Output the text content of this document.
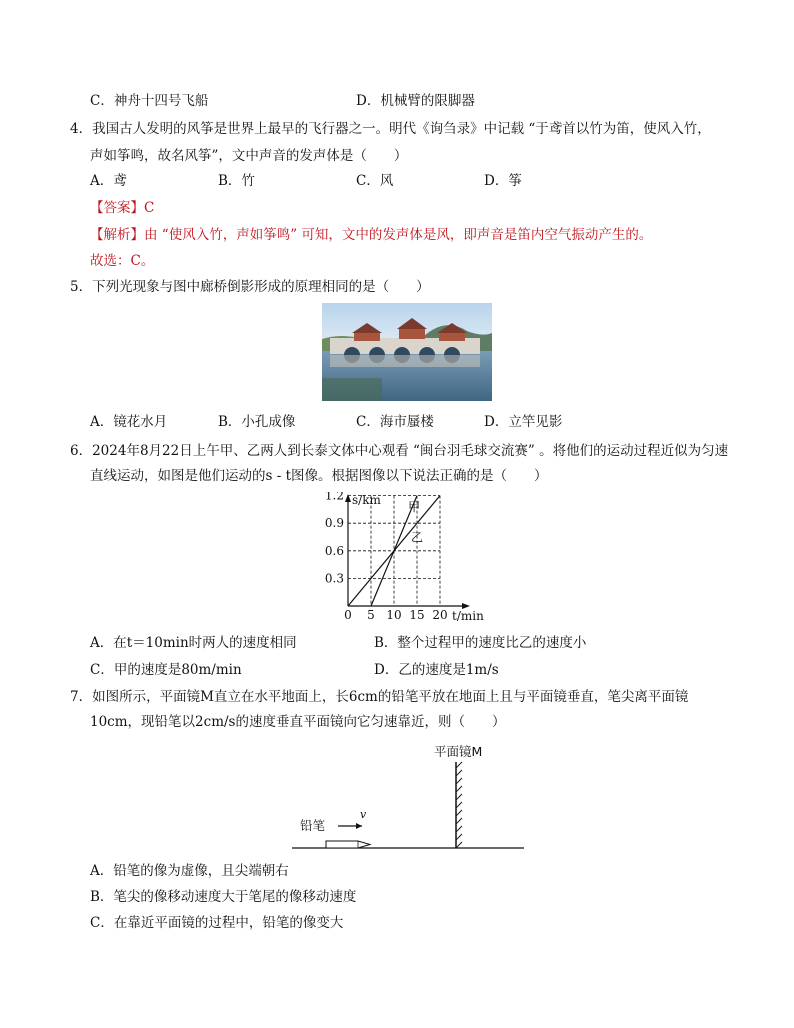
C．神舟十四号飞船	D．机械臂的限脚器
4．我国古人发明的风筝是世界上最早的飞行器之一。明代《询刍录》中记载 “于鸢首以竹为笛，使风入竹，
声如筝鸣，故名风筝”，文中声音的发声体是（　　）
A．鸢	B．竹	C．风	D．筝
【答案】C
【解析】由 “使风入竹，声如筝鸣” 可知，文中的发声体是风，即声音是笛内空气振动产生的。
故选：C。
5．下列光现象与图中廊桥倒影形成的原理相同的是（　　）
A．镜花水月	B．小孔成像	C．海市蜃楼	D．立竿见影
6．2024年8月22日上午甲、乙两人到长泰文体中心观看 “闽台羽毛球交流赛” 。将他们的运动过程近似为匀速
直线运动，如图是他们运动的s - t图像。根据图像以下说法正确的是（　　）
0 5 10 15 20
0.3
0.6
0.9
1.2 s/km
t/min
甲
乙
A．在t＝10min时两人的速度相同	B．整个过程甲的速度比乙的速度小
C．甲的速度是80m/min	D．乙的速度是1m/s
7．如图所示，平面镜M直立在水平地面上，长6cm的铅笔平放在地面上且与平面镜垂直，笔尖离平面镜
10cm，现铅笔以2cm/s的速度垂直平面镜向它匀速靠近，则（　　）
平面镜M
铅笔
v
A．铅笔的像为虚像，且尖端朝右
B．笔尖的像移动速度大于笔尾的像移动速度
C．在靠近平面镜的过程中，铅笔的像变大
